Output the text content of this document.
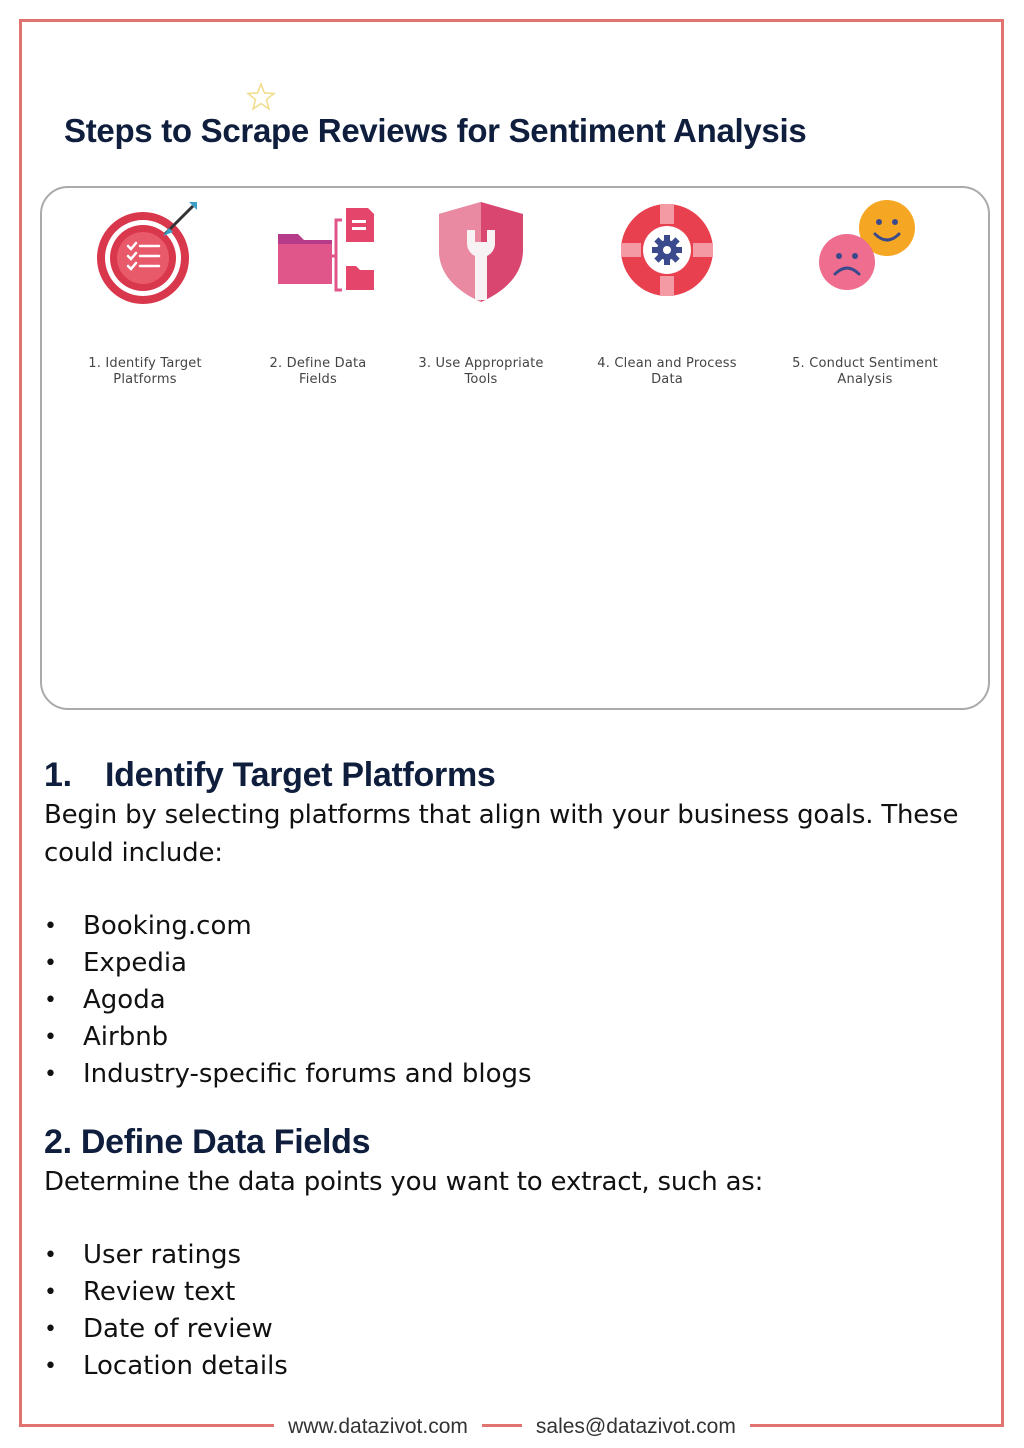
Steps to Scrape Reviews for Sentiment Analysis
1. Identify Target
Platforms
2. Define Data
Fields
3. Use Appropriate
Tools
4. Clean and Process
Data
5. Conduct Sentiment
Analysis
1. Identify Target Platforms

Begin by selecting platforms that align with your business goals. These could include:

• Booking.com
• Expedia
• Agoda
• Airbnb
• Industry-specific forums and blogs
2. Define Data Fields

Determine the data points you want to extract, such as:

• User ratings
• Review text
• Date of review
• Location details
www.datazivot.com	sales@datazivot.com
